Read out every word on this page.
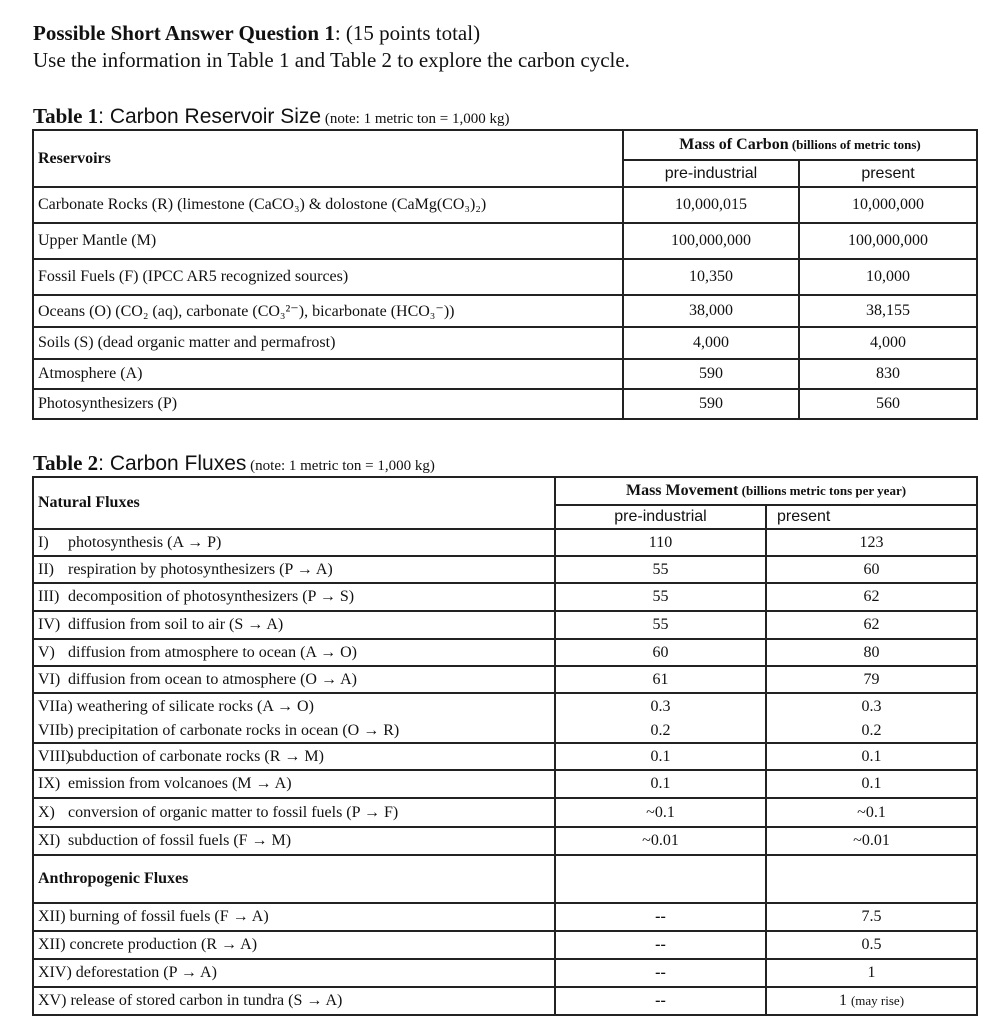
Possible Short Answer Question 1: (15 points total)
Use the information in Table 1 and Table 2 to explore the carbon cycle.
Table 1: Carbon Reservoir Size (note: 1 metric ton = 1,000 kg)
Reservoirs	Mass of Carbon (billions of metric tons)	
	pre-industrial	present
Carbonate Rocks (R) (limestone (CaCO₃) & dolostone (CaMg(CO₃)₂)	10,000,015	10,000,000
Upper Mantle (M)	100,000,000	100,000,000
Fossil Fuels (F) (IPCC AR5 recognized sources)	10,350	10,000
Oceans (O) (CO₂ (aq), carbonate (CO₃²⁻), bicarbonate (HCO₃⁻))	38,000	38,155
Soils (S) (dead organic matter and permafrost)	4,000	4,000
Atmosphere (A)	590	830
Photosynthesizers (P)	590	560
Table 2: Carbon Fluxes (note: 1 metric ton = 1,000 kg)
Natural Fluxes	Mass Movement (billions metric tons per year)	
	pre-industrial	present
I) photosynthesis (A → P)	110	123
II) respiration by photosynthesizers (P → A)	55	60
III) decomposition of photosynthesizers (P → S)	55	62
IV) diffusion from soil to air (S → A)	55	62
V) diffusion from atmosphere to ocean (A → O)	60	80
VI) diffusion from ocean to atmosphere (O → A)	61	79
VIIa) weathering of silicate rocks (A → O)	0.3	0.3
VIIb) precipitation of carbonate rocks in ocean (O → R)	0.2	0.2
VIII) subduction of carbonate rocks (R → M)	0.1	0.1
IX) emission from volcanoes (M → A)	0.1	0.1
X) conversion of organic matter to fossil fuels (P → F)	~0.1	~0.1
XI) subduction of fossil fuels (F → M)	~0.01	~0.01
Anthropogenic Fluxes		
XII) burning of fossil fuels (F → A)	--	7.5
XII) concrete production (R → A)	--	0.5
XIV) deforestation (P → A)	--	1
XV) release of stored carbon in tundra (S → A)	--	1 (may rise)
